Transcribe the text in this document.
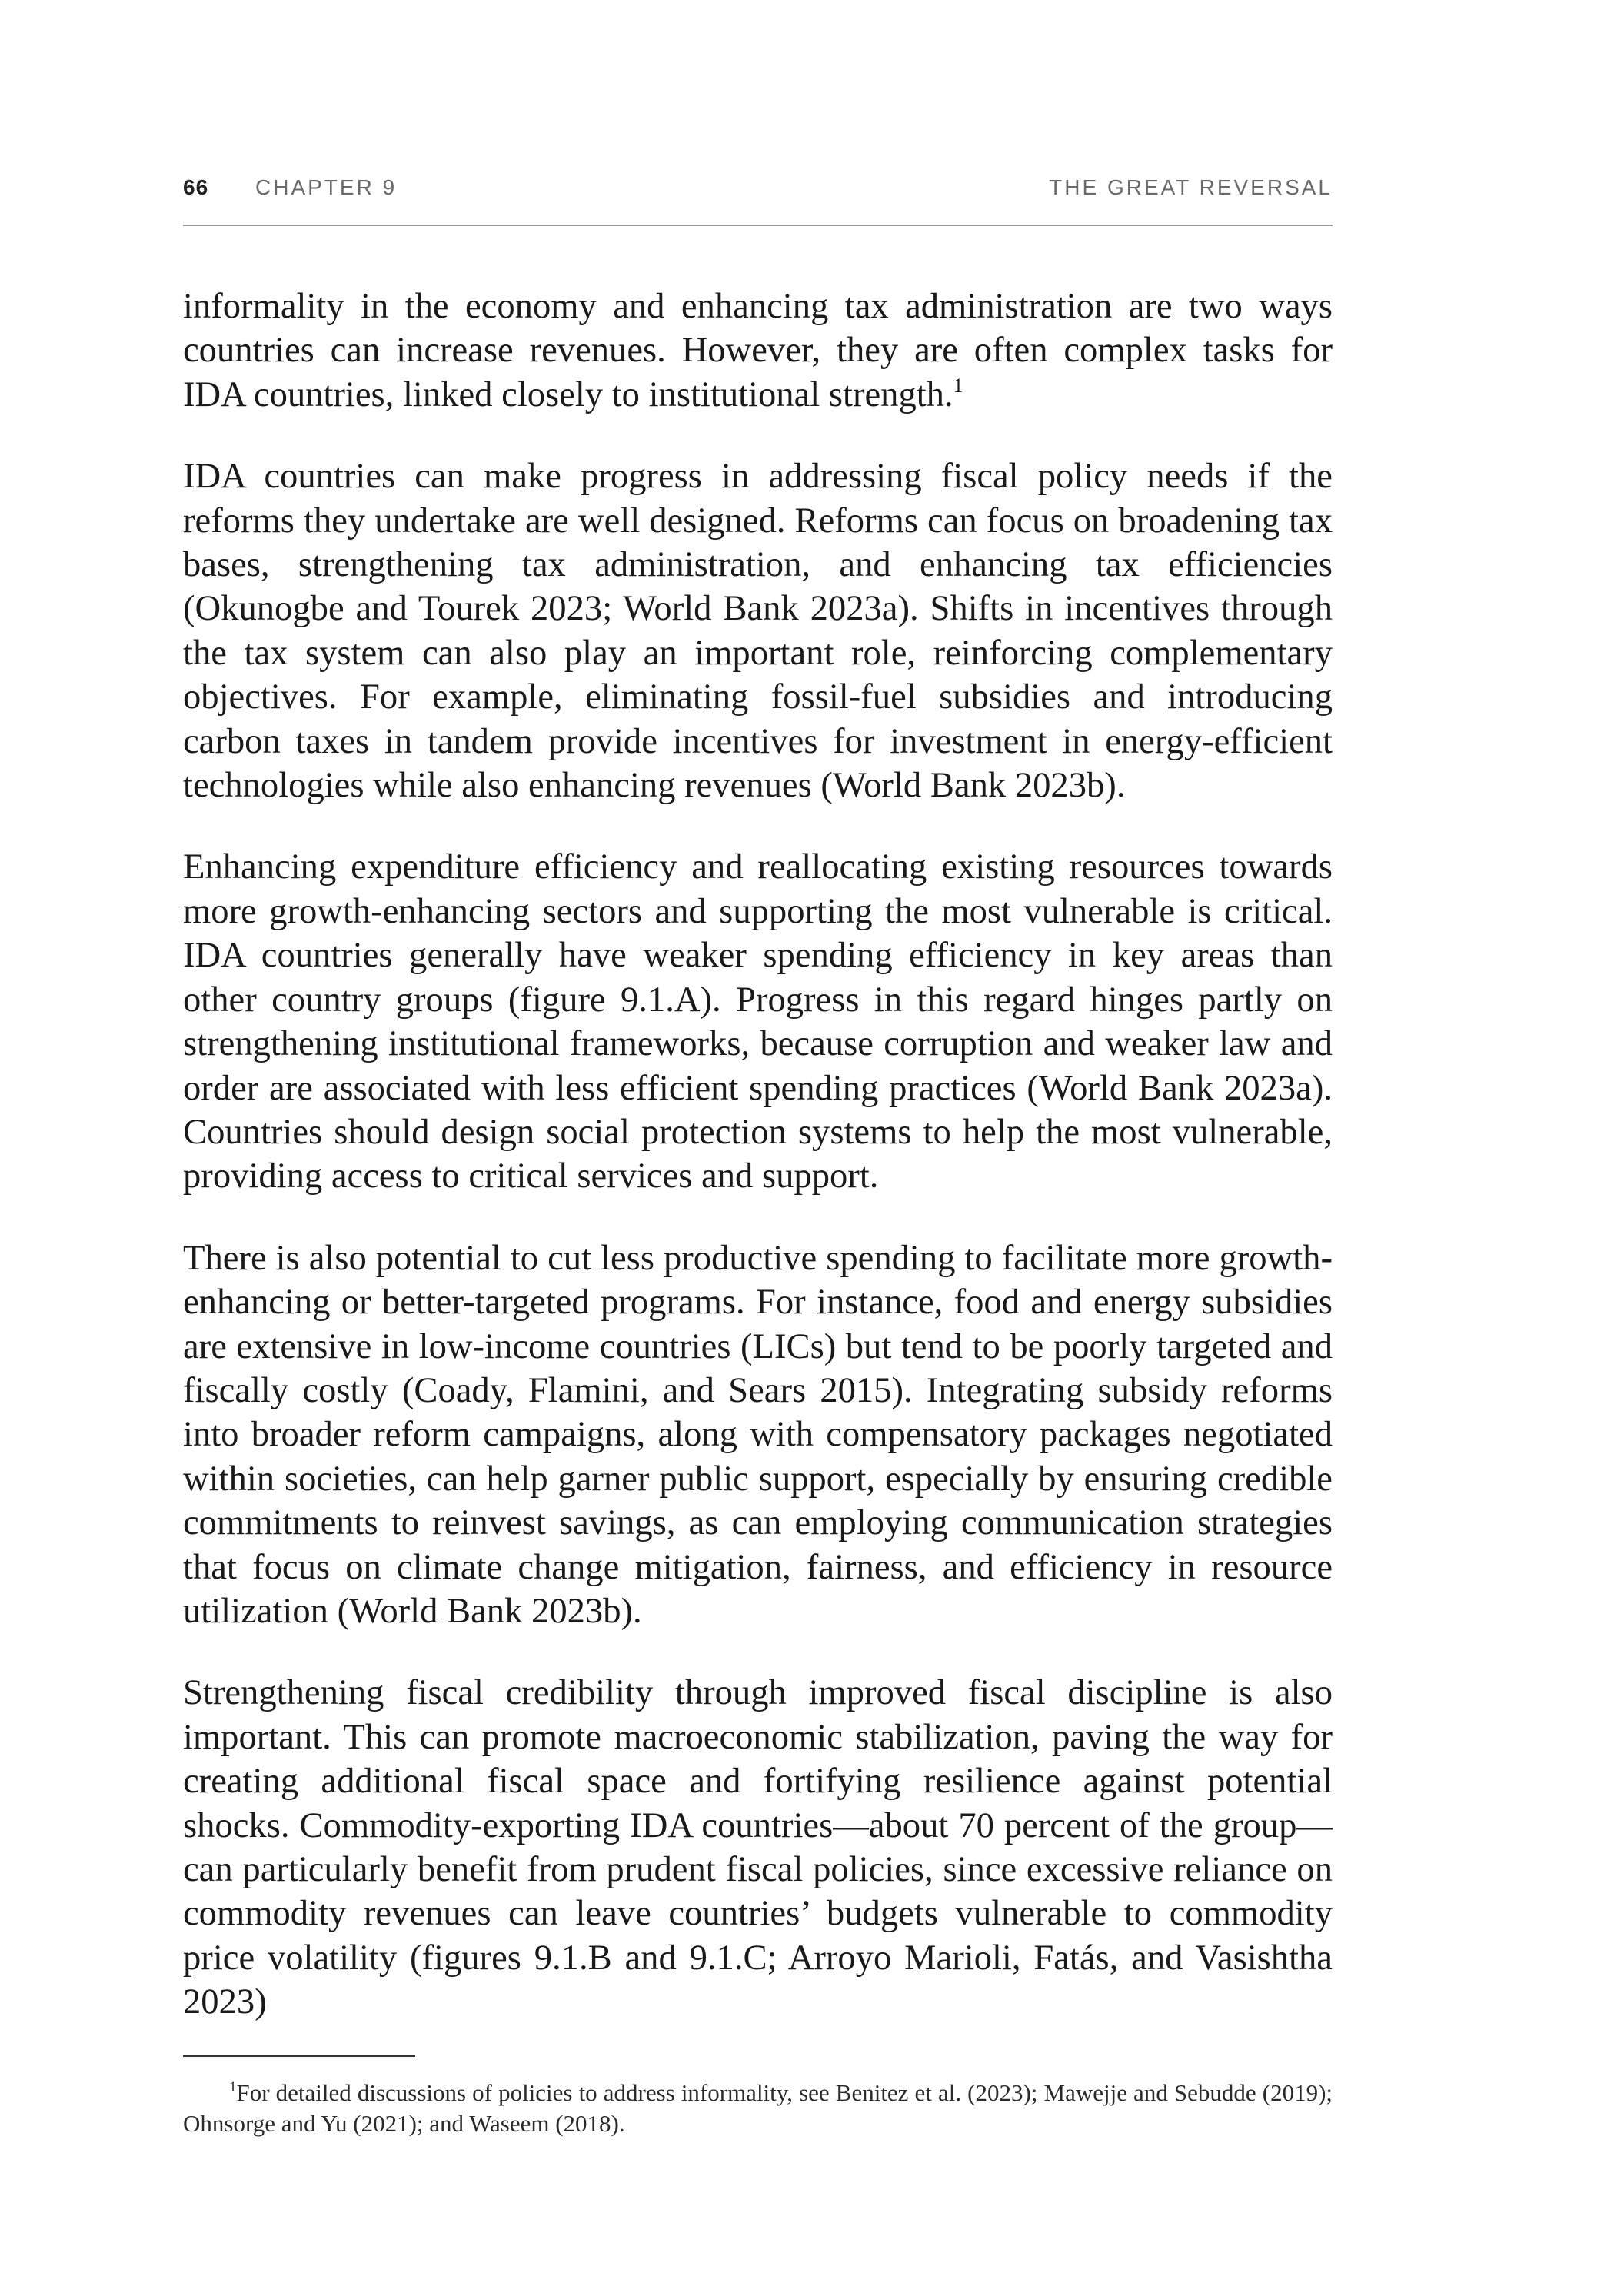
66 CHAPTER 9	THE GREAT REVERSAL

informality in the economy and enhancing tax administration are two ways countries can increase revenues. However, they are often complex tasks for IDA countries, linked closely to institutional strength.$^1$

IDA countries can make progress in addressing fiscal policy needs if the reforms they undertake are well designed. Reforms can focus on broadening tax bases, strengthening tax administration, and enhancing tax efficiencies (Okunogbe and Tourek 2023; World Bank 2023a). Shifts in incentives through the tax system can also play an important role, reinforcing complementary objectives. For example, eliminating fossil-fuel subsidies and introducing carbon taxes in tandem provide incentives for investment in energy-efficient technologies while also enhancing revenues (World Bank 2023b).

Enhancing expenditure efficiency and reallocating existing resources towards more growth-enhancing sectors and supporting the most vulnerable is critical. IDA countries generally have weaker spending efficiency in key areas than other country groups (figure 9.1.A). Progress in this regard hinges partly on strengthening institutional frameworks, because corruption and weaker law and order are associated with less efficient spending practices (World Bank 2023a). Countries should design social protection systems to help the most vulnerable, providing access to critical services and support.

There is also potential to cut less productive spending to facilitate more growth-enhancing or better-targeted programs. For instance, food and energy subsidies are extensive in low-income countries (LICs) but tend to be poorly targeted and fiscally costly (Coady, Flamini, and Sears 2015). Integrating subsidy reforms into broader reform campaigns, along with compensatory packages negotiated within societies, can help garner public support, especially by ensuring credible commitments to reinvest savings, as can employing communication strategies that focus on climate change mitigation, fairness, and efficiency in resource utilization (World Bank 2023b).

Strengthening fiscal credibility through improved fiscal discipline is also important. This can promote macroeconomic stabilization, paving the way for creating additional fiscal space and fortifying resilience against potential shocks. Commodity-exporting IDA countries—about 70 percent of the group—can particularly benefit from prudent fiscal policies, since excessive reliance on commodity revenues can leave countries’ budgets vulnerable to commodity price volatility (figures 9.1.B and 9.1.C; Arroyo Marioli, Fatás, and Vasishtha 2023)

$^1$For detailed discussions of policies to address informality, see Benitez et al. (2023); Mawejje and Sebudde (2019); Ohnsorge and Yu (2021); and Waseem (2018).
